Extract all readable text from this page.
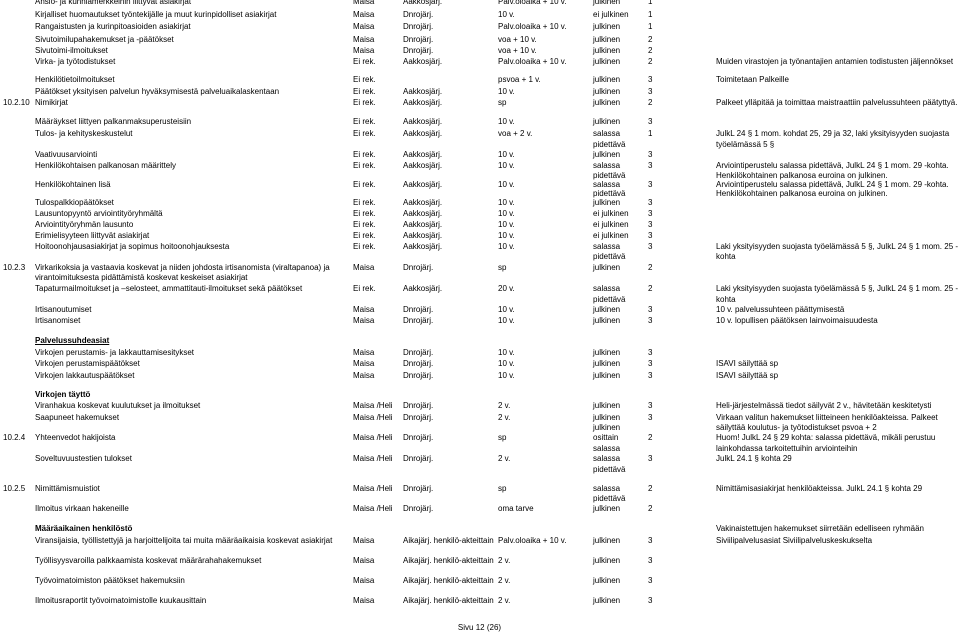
Ansio- ja kunniamerkkeihin liittyvät asiakirjat	Maisa	Aakkosjärj.	Palv.oloaika + 10 v.	julkinen	1
Kirjalliset huomautukset työntekijälle ja muut kurinpidolliset asiakirjat	Maisa	Dnrojärj.	10 v.	ei julkinen 1
Rangaistusten ja kurinpitoasioiden asiakirjat	Maisa	Dnrojärj.	Palv.oloaika + 10 v.	julkinen	1
Sivutoimilupahakemukset ja -päätökset	Maisa	Dnrojärj.	voa + 10 v.	julkinen	2
Sivutoimi-ilmoitukset	Maisa	Dnrojärj.	voa + 10 v.	julkinen	2
Virka- ja työtodistukset	Ei rek.	Aakkosjärj.	Palv.oloaika + 10 v.	julkinen	2	Muiden virastojen ja työnantajien antamien todistusten jäljennökset
Henkilötietoilmoitukset	Ei rek.	psvoa + 1 v.	julkinen	3	Toimitetaan Palkeille
Päätökset yksityisen palvelun hyväksymisestä palveluaikalaskentaan	Ei rek.	Aakkosjärj.	10 v.	julkinen	3
10.2.10 Nimikirjat	Ei rek.	Aakkosjärj.	sp	julkinen	2	Palkeet ylläpitää ja toimittaa maistraattiin palvelussuhteen päätyttyä.
Määräykset liittyen palkanmaksuperusteisiin	Ei rek.	Aakkosjärj.	10 v.	julkinen	3
Tulos- ja kehityskeskustelut	Ei rek.	Aakkosjärj.	voa + 2 v.	salassa	1	JulkL 24 § 1 mom. kohdat 25, 29 ja 32, laki yksityisyyden suojasta
pidettävä	työelämässä 5 §
Vaativuusarviointi	Ei rek.	Aakkosjärj.	10 v.	julkinen	3
Henkilökohtaisen palkanosan määrittely	Ei rek.	Aakkosjärj.	10 v.	salassa	3	Arviointiperustelu salassa pidettävä, JulkL 24 § 1 mom. 29 -kohta.
pidettävä	Henkilökohtainen palkanosa euroina on julkinen.
Henkilökohtainen lisä	Ei rek.	Aakkosjärj.	10 v.	salassa	3	Arviointiperustelu salassa pidettävä, JulkL 24 § 1 mom. 29 -kohta.
pidettävä	Henkilökohtainen palkanosa euroina on julkinen.
Tulospalkkiopäätökset	Ei rek.	Aakkosjärj.	10 v.	julkinen	3
Lausuntopyyntö arviointityöryhmältä	Ei rek.	Aakkosjärj.	10 v.	ei julkinen 3
Arviointityöryhmän lausunto	Ei rek.	Aakkosjärj.	10 v.	ei julkinen 3
Erimielisyyteen liittyvät asiakirjat	Ei rek.	Aakkosjärj.	10 v.	ei julkinen 3
Hoitoonohjausasiakirjat ja sopimus hoitoonohjauksesta	Ei rek.	Aakkosjärj.	10 v.	salassa	3	Laki yksityisyyden suojasta työelämässä 5 §, JulkL 24 § 1 mom. 25 -
pidettävä	kohta
10.2.3 Virkarikoksia ja vastaavia koskevat ja niiden johdosta irtisanomista (viraltapanoa) ja	Maisa	Dnrojärj.	sp	julkinen	2
virantoimituksesta pidättämistä koskevat keskeiset asiakirjat
Tapaturmailmoitukset ja –selosteet, ammattitauti-ilmoitukset sekä päätökset	Ei rek.	Aakkosjärj.	20 v.	salassa	2	Laki yksityisyyden suojasta työelämässä 5 §, JulkL 24 § 1 mom. 25 -
pidettävä	kohta
Irtisanoutumiset	Maisa	Dnrojärj.	10 v.	julkinen	3	10 v. palvelussuhteen päättymisestä
Irtisanomiset	Maisa	Dnrojärj.	10 v.	julkinen	3	10 v. lopullisen päätöksen lainvoimaisuudesta
Palvelussuhdeasiat
Virkojen perustamis- ja lakkauttamisesitykset	Maisa	Dnrojärj.	10 v.	julkinen	3
Virkojen perustamispäätökset	Maisa	Dnrojärj.	10 v.	julkinen	3	ISAVI säilyttää sp
Virkojen lakkautuspäätökset	Maisa	Dnrojärj.	10 v.	julkinen	3	ISAVI säilyttää sp
Virkojen täyttö
Viranhakua koskevat kuulutukset ja ilmoitukset	Maisa /Heli Dnrojärj.	2 v.	julkinen	3	Heli-järjestelmässä tiedot säilyvät 2 v., hävitetään keskitetysti
Saapuneet hakemukset	Maisa /Heli Dnrojärj.	2 v.	julkinen	3	Virkaan valitun hakemukset liitteineen henkilöakteissa. Palkeet
julkinen	säilyttää koulutus- ja työtodistukset psvoa + 2
10.2.4 Yhteenvedot hakijoista	Maisa /Heli Dnrojärj.	sp	osittain	2	Huom! JulkL 24 § 29 kohta: salassa pidettävä, mikäli perustuu
salassa	lainkohdassa tarkoitettuihin arviointeihin
Soveltuvuustestien tulokset	Maisa /Heli Dnrojärj.	2 v.	salassa	3	JulkL 24.1 § kohta 29
pidettävä
10.2.5 Nimittämismuistiot	Maisa /Heli Dnrojärj.	sp	salassa	2	Nimittämisasiakirjat henkilöakteissa. JulkL 24.1 § kohta 29
pidettävä
Ilmoitus virkaan hakeneille	Maisa /Heli Dnrojärj.	oma tarve	julkinen	2
Määräaikainen henkilöstö	Vakinaistettujen hakemukset siirretään edelliseen ryhmään
Viransijaisia, työllistettyjä ja harjoittelijoita tai muita määräaikaisia koskevat asiakirjat	Maisa	Aikajärj. henkilö-akteittain Palv.oloaika + 10 v.	julkinen	3	Siviilipalvelusasiat Siviilipalveluskeskukselta
Työllisyysvaroilla palkkaamista koskevat määrärahahakemukset	Maisa	Aikajärj. henkilö-akteittain 2 v.	julkinen	3
Työvoimatoimiston päätökset hakemuksiin	Maisa	Aikajärj. henkilö-akteittain 2 v.	julkinen	3
Ilmoitusraportit työvoimatoimistolle kuukausittain	Maisa	Aikajärj. henkilö-akteittain 2 v.	julkinen	3
Sivu 12 (26)
